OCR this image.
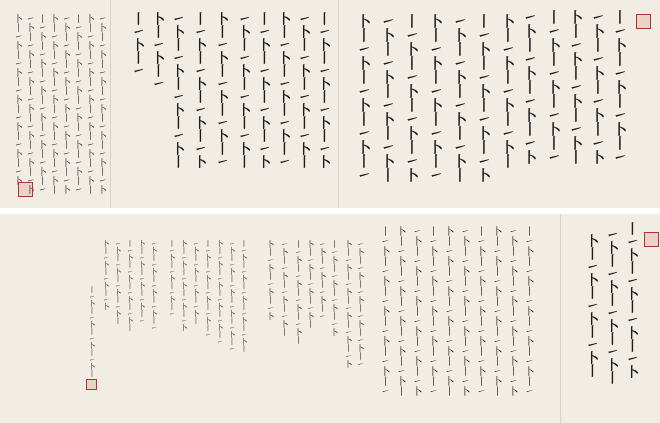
丨㇀卜丨㇀卜丨㇀卜丨㇀
㇀卜丨㇀卜丨㇀卜丨㇀卜
卜丨㇀卜丨㇀卜丨㇀卜丨
丨㇀卜丨㇀卜丨㇀卜丨㇀
㇀卜丨㇀卜丨㇀卜丨㇀卜
卜丨㇀卜丨㇀卜丨㇀卜丨
丨㇀卜丨㇀卜丨㇀卜丨㇀卜
㇀卜丨㇀卜丨㇀卜丨㇀卜丨
卜丨㇀卜丨㇀卜丨㇀卜丨㇀
丨㇀卜丨㇀卜丨㇀卜丨㇀卜
㇀卜丨㇀卜丨㇀卜丨㇀卜丨
卜丨㇀卜丨㇀卜丨㇀卜丨㇀
丨㇀卜丨㇀卜丨㇀卜丨㇀卜
㇀卜丨㇀卜丨㇀卜丨㇀卜丨
卜丨㇀卜丨㇀卜丨㇀卜丨㇀
丨㇀卜丨㇀卜丨㇀卜丨㇀卜
㇀卜丨㇀卜丨㇀卜丨㇀卜丨
卜丨㇀卜丨㇀卜丨㇀卜丨㇀
丨㇀卜丨㇀卜丨㇀卜丨㇀卜
㇀卜丨㇀卜丨㇀卜丨㇀卜丨
卜丨㇀卜丨㇀
丨㇀卜丨㇀
㇀卜丨㇀卜丨㇀卜丨㇀卜丨㇀卜丨㇀卜丨㇀卜
卜丨㇀卜丨㇀卜丨㇀卜丨㇀卜丨㇀卜丨㇀卜丨
丨㇀卜丨㇀卜丨㇀卜丨㇀卜丨㇀卜丨㇀卜丨㇀
㇀卜丨㇀卜丨㇀卜丨㇀卜丨㇀卜丨㇀卜丨㇀卜
卜丨㇀卜丨㇀卜丨㇀卜丨㇀卜丨㇀卜丨㇀卜丨
丨㇀卜丨㇀卜丨㇀卜丨㇀卜丨㇀卜丨㇀卜丨㇀
㇀卜丨㇀卜丨㇀卜丨㇀卜丨㇀卜丨㇀卜丨㇀卜
卜丨㇀卜丨㇀卜丨㇀卜丨㇀卜丨㇀卜丨㇀卜丨
丨㇀卜丨㇀卜丨㇀卜丨㇀卜
㇀卜丨㇀卜丨㇀卜丨㇀卜丨
卜丨㇀卜丨㇀卜丨㇀卜丨
丨㇀卜丨㇀卜丨㇀卜丨㇀卜丨㇀卜丨㇀
㇀卜丨㇀卜丨㇀卜丨㇀卜丨㇀卜丨㇀卜
卜丨㇀卜丨㇀卜丨㇀卜丨㇀卜丨㇀卜丨
丨㇀卜丨㇀卜丨㇀卜丨㇀卜丨㇀卜丨㇀
㇀卜丨㇀卜丨㇀卜丨㇀卜丨㇀卜丨㇀卜
卜丨㇀卜丨㇀卜丨㇀卜丨㇀卜丨㇀卜丨
丨㇀卜丨㇀卜丨㇀卜丨㇀卜丨㇀卜丨㇀
㇀卜丨㇀卜丨㇀卜丨㇀卜丨㇀卜丨㇀卜
卜丨㇀卜丨㇀卜丨㇀卜丨㇀卜丨㇀卜丨
丨㇀卜丨㇀卜丨㇀卜丨㇀卜丨㇀卜丨㇀
㇀卜丨㇀卜丨㇀卜丨㇀卜丨㇀卜丨㇀
卜丨㇀卜丨㇀卜丨㇀卜丨㇀卜丨㇀卜
丨㇀卜丨㇀卜丨㇀卜丨㇀卜
㇀卜丨㇀卜丨㇀卜丨㇀
卜丨㇀卜丨㇀卜丨㇀卜丨
丨㇀卜丨㇀卜丨㇀卜丨㇀卜丨
㇀卜丨㇀卜丨㇀卜丨㇀卜丨
卜丨㇀卜丨㇀卜丨㇀卜
丨㇀卜丨㇀卜丨㇀卜丨㇀卜丨㇀卜丨
㇀卜丨㇀卜丨㇀卜丨㇀卜丨㇀卜丨㇀
卜丨㇀卜丨㇀卜丨㇀卜丨㇀卜丨㇀
丨㇀卜丨㇀卜丨㇀卜丨㇀卜丨㇀
㇀卜丨㇀卜丨㇀卜丨㇀卜丨
卜丨㇀卜丨㇀卜丨㇀卜丨㇀卜
丨㇀卜丨㇀卜丨㇀卜丨㇀
㇀卜丨㇀卜丨㇀卜丨㇀卜丨㇀
卜丨㇀卜丨㇀卜丨㇀卜丨㇀
丨㇀卜丨㇀卜丨㇀卜丨㇀卜丨
㇀卜丨㇀卜丨㇀卜丨㇀卜丨
卜丨㇀卜丨㇀卜丨㇀卜
丨㇀卜丨㇀卜丨㇀卜丨㇀卜丨
